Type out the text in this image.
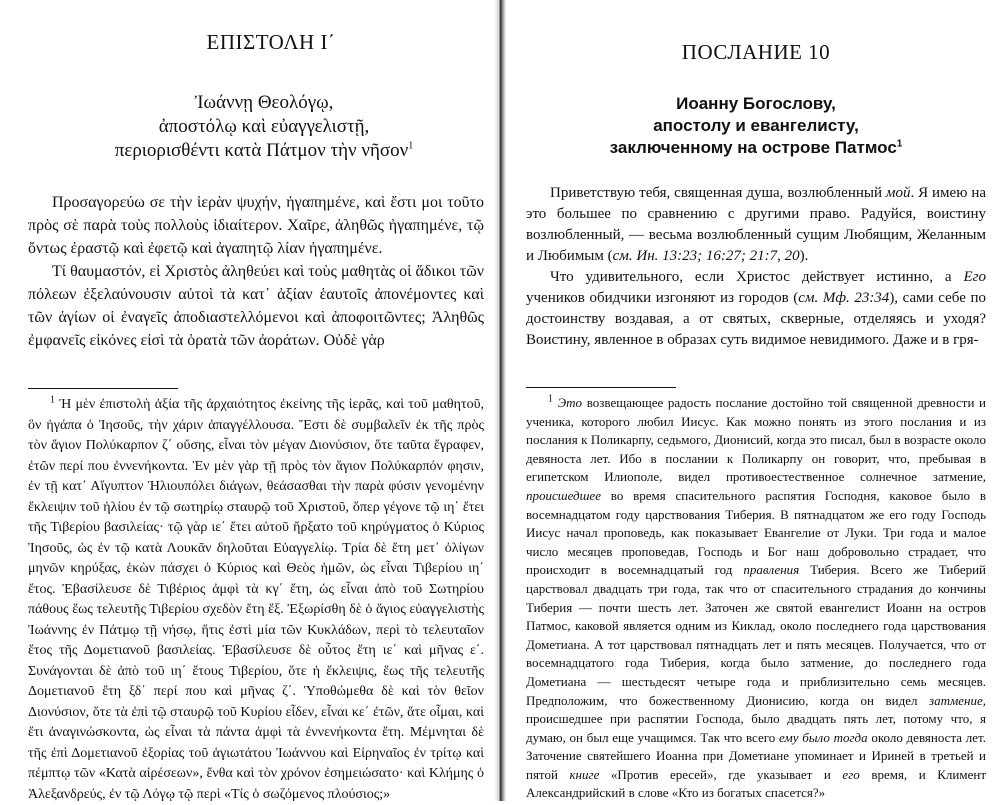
ΕΠΙΣΤΟΛΗ Ι΄
Ἰωάννῃ Θεολόγῳ,
ἀποστόλῳ καὶ εὐαγγελιστῇ,
περιορισθέντι κατὰ Πάτμον τὴν νῆσον$^1$

Προσαγορεύω σε τὴν ἱερὰν ψυχήν, ἠγαπημένε, καὶ ἔστι μοι τοῦτο πρὸς σὲ παρὰ τοὺς πολλοὺς ἰδιαίτερον. Χαῖρε, ἀληθῶς ἠγαπημένε, τῷ ὄντως ἐραστῷ καὶ ἐφετῷ καὶ ἀγαπητῷ λίαν ἠγαπημένε.

Τί θαυμαστόν, εἰ Χριστὸς ἀληθεύει καὶ τοὺς μαθητὰς οἱ ἄδικοι τῶν πόλεων ἐξελαύνουσιν αὐτοὶ τὰ κατ᾽ ἀξίαν ἑαυτοῖς ἀπονέμοντες καὶ τῶν ἁγίων οἱ ἐναγεῖς ἀποδιαστελλόμενοι καὶ ἀποφοιτῶντες; Ἀληθῶς ἐμφανεῖς εἰκόνες εἰσὶ τὰ ὁρατὰ τῶν ἀοράτων. Οὐδὲ γὰρ

$^1$ Ἡ μὲν ἐπιστολὴ ἀξία τῆς ἀρχαιότητος ἐκείνης τῆς ἱερᾶς, καὶ τοῦ μαθητοῦ, ὃν ἠγάπα ὁ Ἰησοῦς, τὴν χάριν ἀπαγγέλλουσα. Ἔστι δὲ συμβαλεῖν ἐκ τῆς πρὸς τὸν ἅγιον Πολύκαρπον ζ΄ οὔσης, εἶναι τὸν μέγαν Διονύσιον, ὅτε ταῦτα ἔγραφεν, ἐτῶν περί που ἐννενήκοντα. Ἐν μὲν γὰρ τῇ πρὸς τὸν ἅγιον Πολύκαρπόν φησιν, ἐν τῇ κατ᾽ Αἴγυπτον Ἡλιουπόλει διάγων, θεάσασθαι τὴν παρὰ φύσιν γενομένην ἔκλειψιν τοῦ ἡλίου ἐν τῷ σωτηρίῳ σταυρῷ τοῦ Χριστοῦ, ὅπερ γέγονε τῷ ιη΄ ἔτει τῆς Τιβερίου βασιλείας· τῷ γὰρ ιε΄ ἔτει αὐτοῦ ἤρξατο τοῦ κηρύγματος ὁ Κύριος Ἰησοῦς, ὡς ἐν τῷ κατὰ Λουκᾶν δηλοῦται Εὐαγγελίῳ. Τρία δὲ ἔτη μετ᾽ ὀλίγων μηνῶν κηρύξας, ἑκὼν πάσχει ὁ Κύριος καὶ Θεὸς ἡμῶν, ὡς εἶναι Τιβερίου ιη΄ ἔτος. Ἐβασίλευσε δὲ Τιβέριος ἀμφὶ τὰ κγ΄ ἔτη, ὡς εἶναι ἀπὸ τοῦ Σωτηρίου πάθους ἕως τελευτῆς Τιβερίου σχεδὸν ἔτη ἕξ. Ἐξωρίσθη δὲ ὁ ἅγιος εὐαγγελιστὴς Ἰωάννης ἐν Πάτμῳ τῇ νήσῳ, ἥτις ἐστὶ μία τῶν Κυκλάδων, περὶ τὸ τελευταῖον ἔτος τῆς Δομετιανοῦ βασιλείας. Ἐβασίλευσε δὲ οὗτος ἔτη ιε΄ καὶ μῆνας ε΄. Συνάγονται δὲ ἀπὸ τοῦ ιη΄ ἔτους Τιβερίου, ὅτε ἡ ἔκλειψις, ἕως τῆς τελευτῆς Δομετιανοῦ ἔτη ξδ΄ περί που καὶ μῆνας ζ΄. Ὑποθώμεθα δὲ καὶ τὸν θεῖον Διονύσιον, ὅτε τὰ ἐπὶ τῷ σταυρῷ τοῦ Κυρίου εἶδεν, εἶναι κε΄ ἐτῶν, ἅτε οἶμαι, καὶ ἔτι ἀναγινώσκοντα, ὡς εἶναι τὰ πάντα ἀμφὶ τὰ ἐννενήκοντα ἔτη. Μέμνηται δὲ τῆς ἐπὶ Δομετιανοῦ ἐξορίας τοῦ ἁγιωτάτου Ἰωάννου καὶ Εἰρηναῖος ἐν τρίτῳ καὶ πέμπτῳ τῶν «Κατὰ αἱρέσεων», ἔνθα καὶ τὸν χρόνον ἐσημειώσατο· καὶ Κλήμης ὁ Ἀλεξανδρεύς, ἐν τῷ Λόγῳ τῷ περὶ «Τίς ὁ σωζόμενος πλούσιος;»

ПОСЛАНИЕ 10
Иоанну Богослову,
апостолу и евангелисту,
заключенному на острове Патмос$^1$

Приветствую тебя, священная душа, возлюбленный мой. Я имею на это большее по сравнению с другими право. Радуйся, воистину возлюбленный, — весьма возлюбленный сущим Любящим, Желанным и Любимым (см. Ин. 13:23; 16:27; 21:7, 20).

Что удивительного, если Христос действует истинно, а Его учеников обидчики изгоняют из городов (см. Мф. 23:34), сами себе по достоинству воздавая, а от святых, скверные, отделяясь и уходя? Воистину, явленное в образах суть видимое невидимого. Даже и в гря-

$^1$ Это возвещающее радость послание достойно той священной древности и ученика, которого любил Иисус. Как можно понять из этого послания и из послания к Поликарпу, седьмого, Дионисий, когда это писал, был в возрасте около девяноста лет. Ибо в послании к Поликарпу он говорит, что, пребывая в египетском Илиополе, видел противоестественное солнечное затмение, происшедшее во время спасительного распятия Господня, каковое было в восемнадцатом году царствования Тиберия. В пятнадцатом же его году Господь Иисус начал проповедь, как показывает Евангелие от Луки. Три года и малое число месяцев проповедав, Господь и Бог наш добровольно страдает, что происходит в восемнадцатый год правления Тиберия. Всего же Тиберий царствовал двадцать три года, так что от спасительного страдания до кончины Тиберия — почти шесть лет. Заточен же святой евангелист Иоанн на остров Патмос, каковой является одним из Киклад, около последнего года царствования Дометиана. А тот царствовал пятнадцать лет и пять месяцев. Получается, что от восемнадцатого года Тиберия, когда было затмение, до последнего года Дометиана — шестьдесят четыре года и приблизительно семь месяцев. Предположим, что божественному Дионисию, когда он видел затмение, происшедшее при распятии Господа, было двадцать пять лет, потому что, я думаю, он был еще учащимся. Так что всего ему было тогда около девяноста лет. Заточение святейшего Иоанна при Дометиане упоминает и Ириней в третьей и пятой книге «Против ересей», где указывает и его время, и Климент Александрийский в слове «Кто из богатых спасется?»
